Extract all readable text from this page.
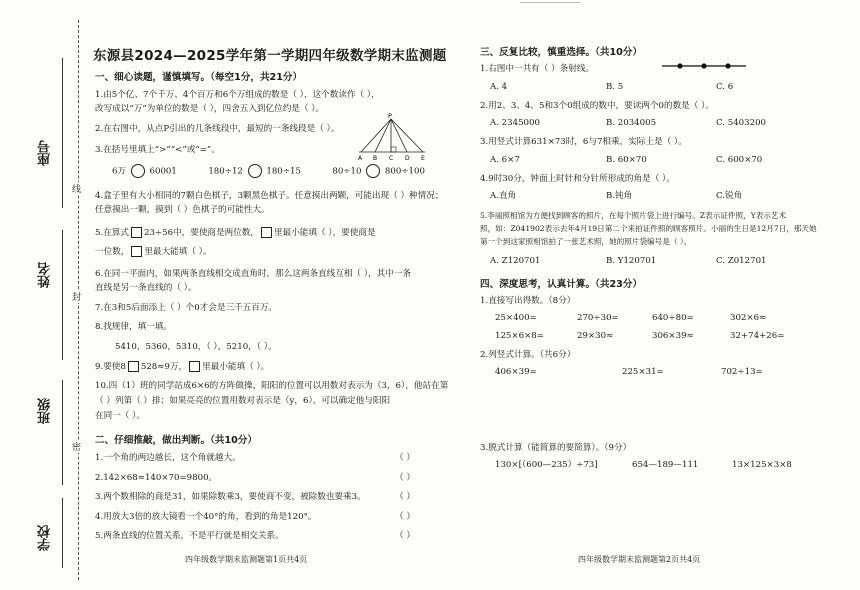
座号
姓名
班级
学校
线
封
密
东源县2024—2025学年第一学期四年级数学期末监测题
一、细心读题，谨慎填写。（每空1分，共21分）
1.由5个亿、7个千万、4个百万和6个万组成的数是（ ），这个数读作（ ），
改写成以“万”为单位的数是（ ），四舍五入到亿位约是（ ）。
2.在右图中，从点P引出的几条线段中，最短的一条线段是（ ）。
P
A B C D E
3.在括号里填上“>”“<”或“=”。
6万	60001	180÷12	180÷15	80÷10	800÷100
4.盒子里有大小相同的7颗白色棋子，3颗黑色棋子。任意摸出两颗，可能出现（ ）种情况；
任意摸出一颗，摸到（ ）色棋子的可能性大。
5.在算式 23÷56中，要使商是两位数， 里最小能填（ ），要使商是
一位数， 里最大能填（ ）。
6.在同一平面内，如果两条直线相交成直角时，那么这两条直线互相（ ），其中一条
直线是另一条直线的（ ）。
7.在3和5后面添上（ ）个0才会是三千五百万。
8.找规律，填一填。
5410，5360，5310，（ ），5210，（ ）。
9.要使8 528≈9万， 里最小能填（ ）。
10.四（1）班的同学站成6×6的方阵做操，阳阳的位置可以用数对表示为（3，6），他站在第
（ ）列第（ ）排；如果亮亮的位置用数对表示是（y，6），可以确定他与阳阳
在同一（ ）。
二、仔细推敲，做出判断。（共10分）
1.一个角的两边越长，这个角就越大。	（ ）
2.142×68≈140×70=9800。	（ ）
3.两个数相除的商是31，如果除数乘3，要使商不变，被除数也要乘3。	（ ）
4.用放大3倍的放大镜看一个40°的角，看到的角是120°。	（ ）
5.两条直线的位置关系，不是平行就是相交关系。	（ ）
四年级数学期末监测题第1页共4页
三、反复比较，慎重选择。（共10分）
1.右图中一共有（ ）条射线。
A. 4	B. 5	C. 6
2.用2、3、4、5和3个0组成的数中，要读两个0的数是（ ）。
A. 2345000	B. 2034005	C. 5403200
3.用竖式计算631×73时，6与7相乘，实际上是（ ）。
A. 6×7	B. 60×70	C. 600×70
4.9时30分，钟面上时针和分针所形成的角是（ ）。
A.直角	B.钝角	C.锐角
5.李丽照相馆为方便找到顾客的照片，在每个照片袋上进行编号。Z表示证件照，Y表示艺术
照，如：Z041902表示去年4月19日第二个来拍证件照的顾客照片。小丽的生日是12月7日，那天她
第一个到这家照相馆拍了一张艺术照，她的照片袋编号是（ ）。
A. Z120701	B. Y120701	C. Z012701
四、深度思考，认真计算。（共23分）
1.直接写出得数。（8分）
25×400=	270÷30=	640÷80=	302×6≈
125×6×8=	29×30≈	306×39≈	32+74+26=
2.列竖式计算。（共6分）
406×39=	225×31=	702÷13=
3.脱式计算（能简算的要简算）。（9分）
130×[（600—235）÷73]	654—189—111	13×125×3×8
四年级数学期末监测题第2页共4页
